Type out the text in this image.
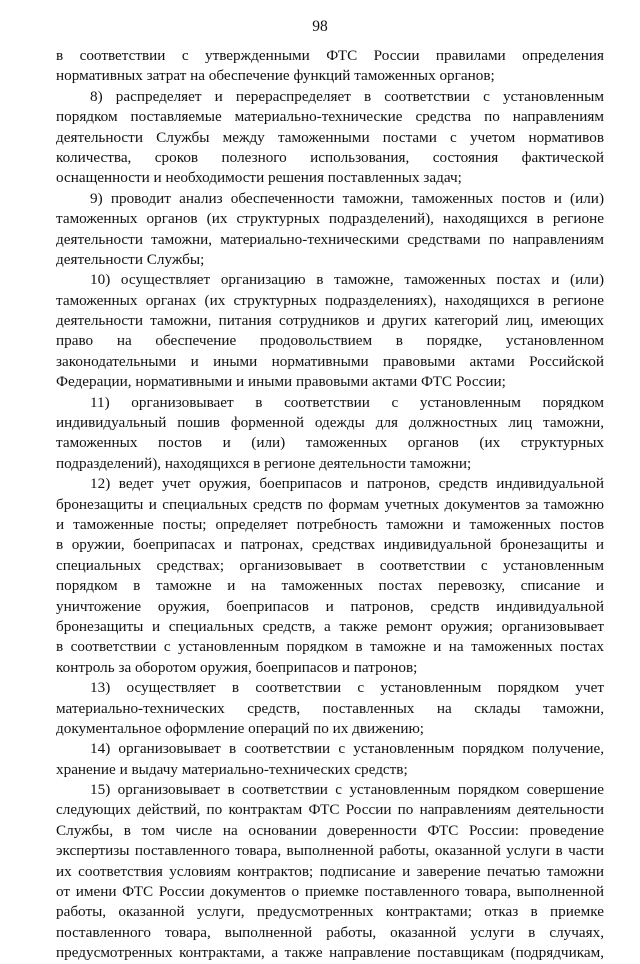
98
в соответствии с утвержденными ФТС России правилами определения
нормативных затрат на обеспечение функций таможенных органов;
8) распределяет и перераспределяет в соответствии с установленным
порядком поставляемые материально-технические средства по направлениям
деятельности Службы между таможенными постами с учетом нормативов
количества, сроков полезного использования, состояния фактической
оснащенности и необходимости решения поставленных задач;
9) проводит анализ обеспеченности таможни, таможенных постов и (или)
таможенных органов (их структурных подразделений), находящихся в регионе
деятельности таможни, материально-техническими средствами по направлениям
деятельности Службы;
10) осуществляет организацию в таможне, таможенных постах и (или)
таможенных органах (их структурных подразделениях), находящихся в регионе
деятельности таможни, питания сотрудников и других категорий лиц, имеющих
право на обеспечение продовольствием в порядке, установленном
законодательными и иными нормативными правовыми актами Российской
Федерации, нормативными и иными правовыми актами ФТС России;
11) организовывает в соответствии с установленным порядком
индивидуальный пошив форменной одежды для должностных лиц таможни,
таможенных постов и (или) таможенных органов (их структурных
подразделений), находящихся в регионе деятельности таможни;
12) ведет учет оружия, боеприпасов и патронов, средств индивидуальной
бронезащиты и специальных средств по формам учетных документов за таможню
и таможенные посты; определяет потребность таможни и таможенных постов
в оружии, боеприпасах и патронах, средствах индивидуальной бронезащиты и
специальных средствах; организовывает в соответствии с установленным
порядком в таможне и на таможенных постах перевозку, списание и
уничтожение оружия, боеприпасов и патронов, средств индивидуальной
бронезащиты и специальных средств, а также ремонт оружия; организовывает
в соответствии с установленным порядком в таможне и на таможенных постах
контроль за оборотом оружия, боеприпасов и патронов;
13) осуществляет в соответствии с установленным порядком учет
материально-технических средств, поставленных на склады таможни,
документальное оформление операций по их движению;
14) организовывает в соответствии с установленным порядком получение,
хранение и выдачу материально-технических средств;
15) организовывает в соответствии с установленным порядком совершение
следующих действий, по контрактам ФТС России по направлениям деятельности
Службы, в том числе на основании доверенности ФТС России: проведение
экспертизы поставленного товара, выполненной работы, оказанной услуги в части
их соответствия условиям контрактов; подписание и заверение печатью таможни
от имени ФТС России документов о приемке поставленного товара, выполненной
работы, оказанной услуги, предусмотренных контрактами; отказ в приемке
поставленного товара, выполненной работы, оказанной услуги в случаях,
предусмотренных контрактами, а также направление поставщикам (подрядчикам,
